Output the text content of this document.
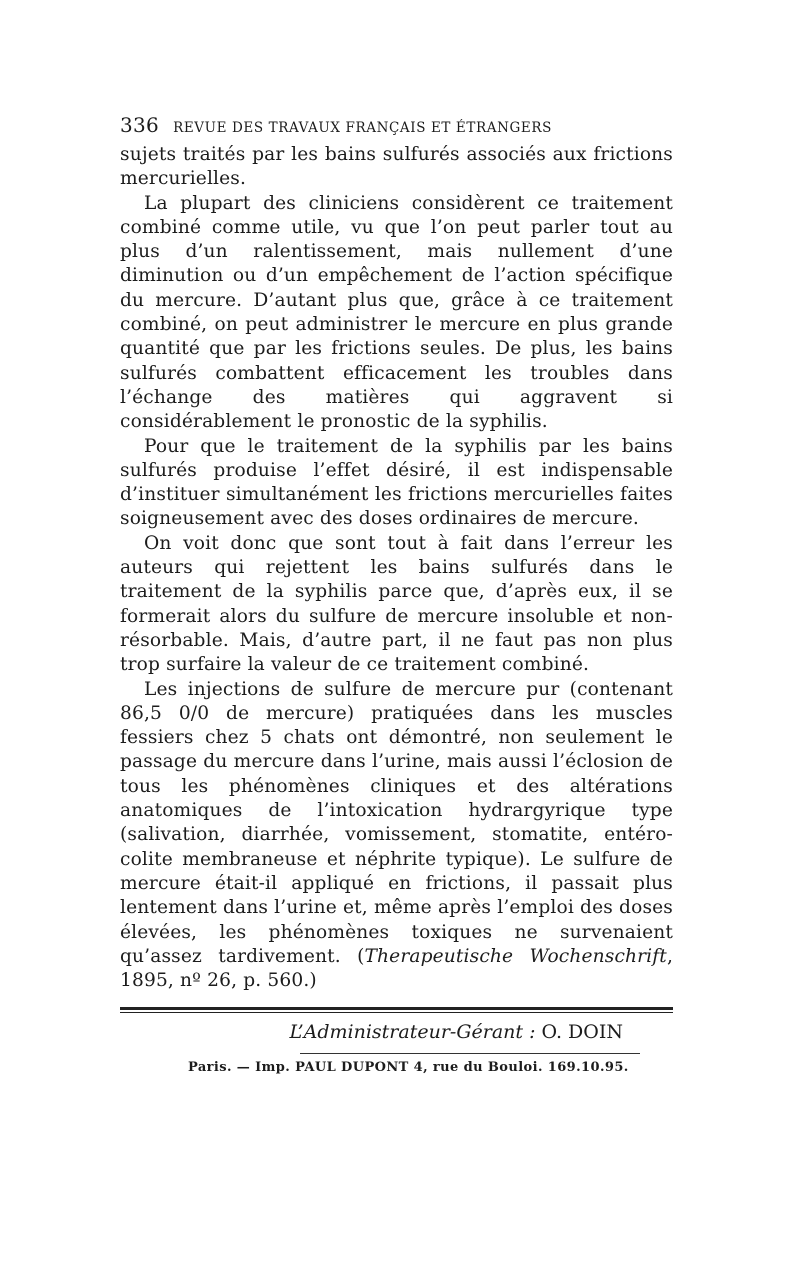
336 REVUE DES TRAVAUX FRANÇAIS ET ÉTRANGERS

sujets traités par les bains sulfurés associés aux frictions mercurielles.

La plupart des cliniciens considèrent ce traitement combiné comme utile, vu que l’on peut parler tout au plus d’un ralentissement, mais nullement d’une diminution ou d’un empêchement de l’action spécifique du mercure. D’autant plus que, grâce à ce traitement combiné, on peut administrer le mercure en plus grande quantité que par les frictions seules. De plus, les bains sulfurés combattent efficacement les troubles dans l’échange des matières qui aggravent si considérablement le pronostic de la syphilis.

Pour que le traitement de la syphilis par les bains sulfurés produise l’effet désiré, il est indispensable d’instituer simultanément les frictions mercurielles faites soigneusement avec des doses ordinaires de mercure.

On voit donc que sont tout à fait dans l’erreur les auteurs qui rejettent les bains sulfurés dans le traitement de la syphilis parce que, d’après eux, il se formerait alors du sulfure de mercure insoluble et non-résorbable. Mais, d’autre part, il ne faut pas non plus trop surfaire la valeur de ce traitement combiné.

Les injections de sulfure de mercure pur (contenant 86,5 0/0 de mercure) pratiquées dans les muscles fessiers chez 5 chats ont démontré, non seulement le passage du mercure dans l’urine, mais aussi l’éclosion de tous les phénomènes cliniques et des altérations anatomiques de l’intoxication hydrargyrique type (salivation, diarrhée, vomissement, stomatite, entéro-colite membraneuse et néphrite typique). Le sulfure de mercure était-il appliqué en frictions, il passait plus lentement dans l’urine et, même après l’emploi des doses élevées, les phénomènes toxiques ne survenaient qu’assez tardivement. (Therapeutische Wochenschrift, 1895, nº 26, p. 560.)

L’Administrateur-Gérant : O. DOIN
Paris. — Imp. PAUL DUPONT 4, rue du Bouloi. 169.10.95.
